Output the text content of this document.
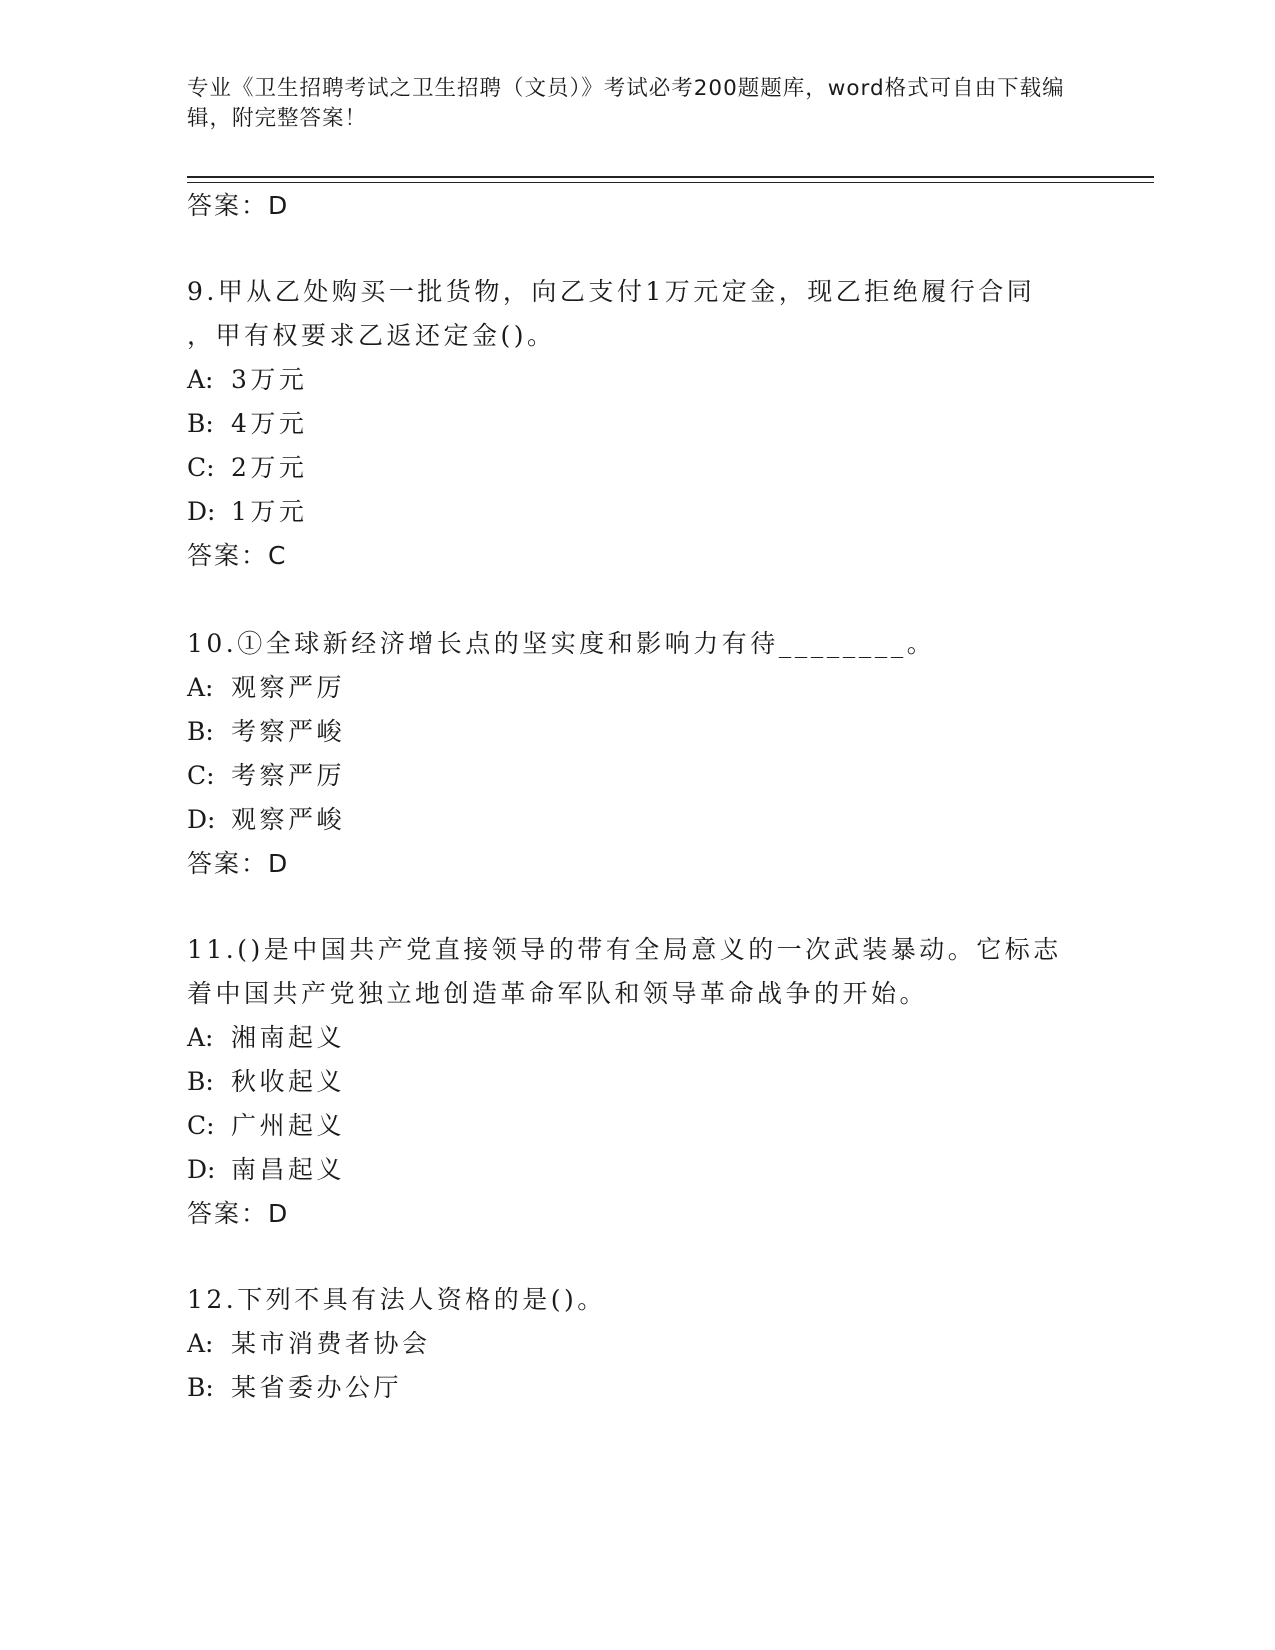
专业《卫生招聘考试之卫生招聘（文员）》考试必考200题题库，word格式可自由下载编辑，附完整答案！
答案：D
9.甲从乙处购买一批货物，向乙支付1万元定金，现乙拒绝履行合同
，甲有权要求乙返还定金()。
A: 3万元
B: 4万元
C: 2万元
D: 1万元
答案：C
10.①全球新经济增长点的坚实度和影响力有待________。
A: 观察严厉
B: 考察严峻
C: 考察严厉
D: 观察严峻
答案：D
11.()是中国共产党直接领导的带有全局意义的一次武装暴动。它标志
着中国共产党独立地创造革命军队和领导革命战争的开始。
A: 湘南起义
B: 秋收起义
C: 广州起义
D: 南昌起义
答案：D
12.下列不具有法人资格的是()。
A: 某市消费者协会
B: 某省委办公厅
